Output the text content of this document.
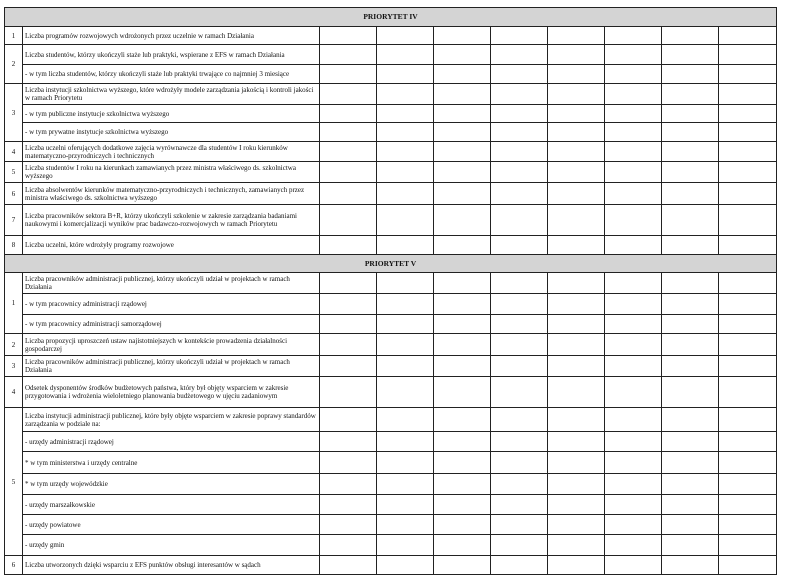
PRIORYTET IV									
1	Liczba programów rozwojowych wdrożonych przez uczelnie w ramach Działania								
2	Liczba studentów, którzy ukończyli staże lub praktyki, wspierane z EFS w ramach Działania								
	- w tym liczba studentów, którzy ukończyli staże lub praktyki trwające co najmniej 3 miesiące								
3	Liczba instytucji szkolnictwa wyższego, które wdrożyły modele zarządzania jakością i kontroli jakości w ramach Priorytetu								
	- w tym publiczne instytucje szkolnictwa wyższego								
	- w tym prywatne instytucje szkolnictwa wyższego								
4	Liczba uczelni oferujących dodatkowe zajęcia wyrównawcze dla studentów I roku kierunków matematyczno-przyrodniczych i technicznych								
5	Liczba studentów I roku na kierunkach zamawianych przez ministra właściwego ds. szkolnictwa wyższego								
6	Liczba absolwentów kierunków matematyczno-przyrodniczych i technicznych, zamawianych przez ministra właściwego ds. szkolnictwa wyższego								
7	Liczba pracowników sektora B+R, którzy ukończyli szkolenie w zakresie zarządzania badaniami naukowymi i komercjalizacji wyników prac badawczo-rozwojowych w ramach Priorytetu								
8	Liczba uczelni, które wdrożyły programy rozwojowe								
PRIORYTET V									
1	Liczba pracowników administracji publicznej, którzy ukończyli udział w projektach w ramach Działania								
	- w tym pracownicy administracji rządowej								
	- w tym pracownicy administracji samorządowej								
2	Liczba propozycji uproszczeń ustaw najistotniejszych w kontekście prowadzenia działalności gospodarczej								
3	Liczba pracowników administracji publicznej, którzy ukończyli udział w projektach w ramach Działania								
4	Odsetek dysponentów środków budżetowych państwa, który był objęty wsparciem w zakresie przygotowania i wdrożenia wieloletniego planowania budżetowego w ujęciu zadaniowym								
5	Liczba instytucji administracji publicznej, które były objęte wsparciem w zakresie poprawy standardów zarządzania w podziale na:								
	- urzędy administracji rządowej								
	* w tym ministerstwa i urzędy centralne								
	* w tym urzędy wojewódzkie								
	- urzędy marszałkowskie								
	- urzędy powiatowe								
	- urzędy gmin								
6	Liczba utworzonych dzięki wsparciu z EFS punktów obsługi interesantów w sądach								
